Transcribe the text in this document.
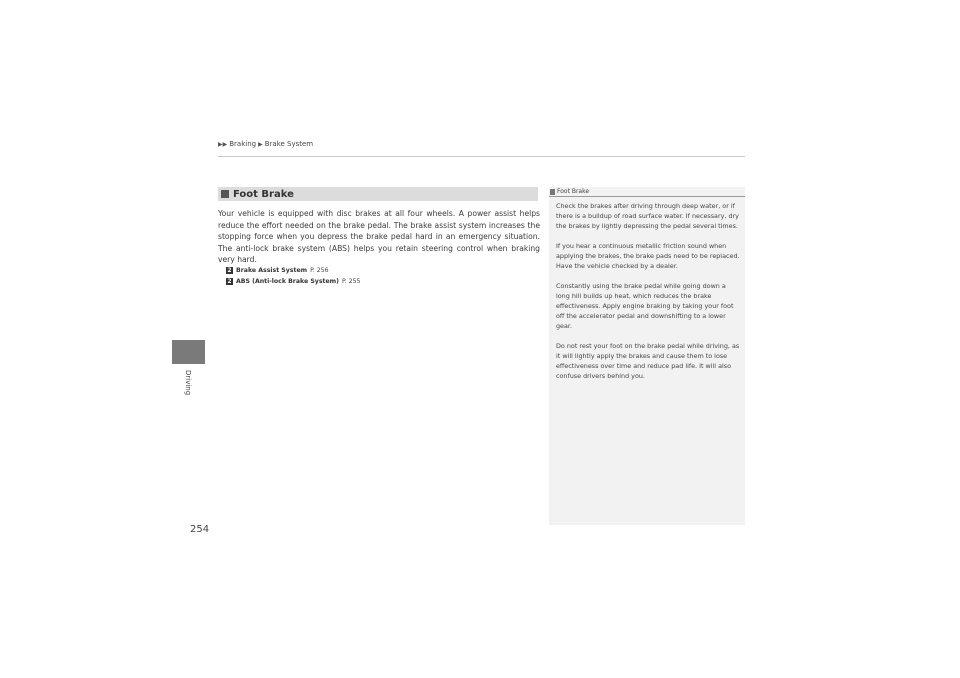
▶▶ Braking ▶ Brake System
Driving
254
Foot Brake
Your vehicle is equipped with disc brakes at all four wheels. A power assist helps reduce the effort needed on the brake pedal. The brake assist system increases the stopping force when you depress the brake pedal hard in an emergency situation. The anti-lock brake system (ABS) helps you retain steering control when braking very hard.
2 Brake Assist System P. 256
2 ABS (Anti-lock Brake System) P. 255
Foot Brake

Check the brakes after driving through deep water, or if there is a buildup of road surface water. If necessary, dry the brakes by lightly depressing the pedal several times.

If you hear a continuous metallic friction sound when applying the brakes, the brake pads need to be replaced. Have the vehicle checked by a dealer.

Constantly using the brake pedal while going down a long hill builds up heat, which reduces the brake effectiveness. Apply engine braking by taking your foot off the accelerator pedal and downshifting to a lower gear.

Do not rest your foot on the brake pedal while driving, as it will lightly apply the brakes and cause them to lose effectiveness over time and reduce pad life. It will also confuse drivers behind you.
